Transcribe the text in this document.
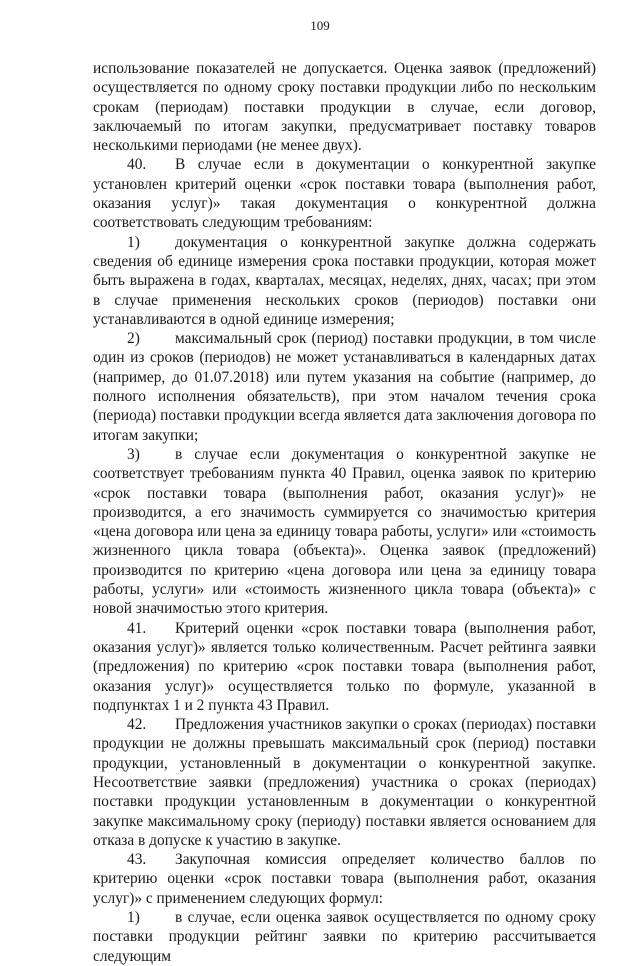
109

использование показателей не допускается. Оценка заявок (предложений) осуществляется по одному сроку поставки продукции либо по нескольким срокам (периодам) поставки продукции в случае, если договор, заключаемый по итогам закупки, предусматривает поставку товаров несколькими периодами (не менее двух).

40. В случае если в документации о конкурентной закупке установлен критерий оценки «срок поставки товара (выполнения работ, оказания услуг)» такая документация о конкурентной должна соответствовать следующим требованиям:

1) документация о конкурентной закупке должна содержать сведения об единице измерения срока поставки продукции, которая может быть выражена в годах, кварталах, месяцах, неделях, днях, часах; при этом в случае применения нескольких сроков (периодов) поставки они устанавливаются в одной единице измерения;

2) максимальный срок (период) поставки продукции, в том числе один из сроков (периодов) не может устанавливаться в календарных датах (например, до 01.07.2018) или путем указания на событие (например, до полного исполнения обязательств), при этом началом течения срока (периода) поставки продукции всегда является дата заключения договора по итогам закупки;

3) в случае если документация о конкурентной закупке не соответствует требованиям пункта 40 Правил, оценка заявок по критерию «срок поставки товара (выполнения работ, оказания услуг)» не производится, а его значимость суммируется со значимостью критерия «цена договора или цена за единицу товара работы, услуги» или «стоимость жизненного цикла товара (объекта)». Оценка заявок (предложений) производится по критерию «цена договора или цена за единицу товара работы, услуги» или «стоимость жизненного цикла товара (объекта)» с новой значимостью этого критерия.

41. Критерий оценки «срок поставки товара (выполнения работ, оказания услуг)» является только количественным. Расчет рейтинга заявки (предложения) по критерию «срок поставки товара (выполнения работ, оказания услуг)» осуществляется только по формуле, указанной в подпунктах 1 и 2 пункта 43 Правил.

42. Предложения участников закупки о сроках (периодах) поставки продукции не должны превышать максимальный срок (период) поставки продукции, установленный в документации о конкурентной закупке. Несоответствие заявки (предложения) участника о сроках (периодах) поставки продукции установленным в документации о конкурентной закупке максимальному сроку (периоду) поставки является основанием для отказа в допуске к участию в закупке.

43. Закупочная комиссия определяет количество баллов по критерию оценки «срок поставки товара (выполнения работ, оказания услуг)» с применением следующих формул:

1) в случае, если оценка заявок осуществляется по одному сроку поставки продукции рейтинг заявки по критерию рассчитывается следующим
